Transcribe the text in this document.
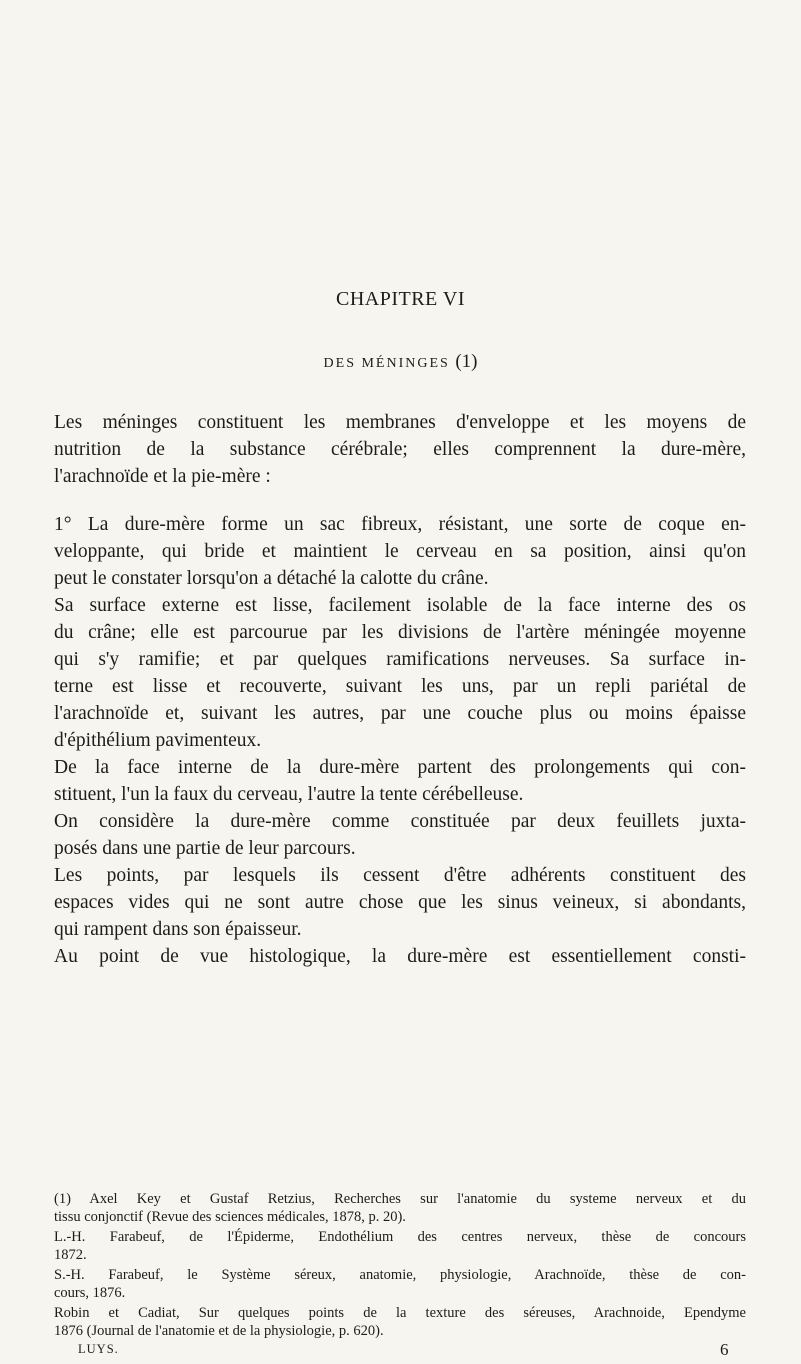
CHAPITRE VI
DES MÉNINGES (1)
Les méninges constituent les membranes d'enveloppe et les moyens de
nutrition de la substance cérébrale; elles comprennent la dure-mère,
l'arachnoïde et la pie-mère :
1° La dure-mère forme un sac fibreux, résistant, une sorte de coque en-
veloppante, qui bride et maintient le cerveau en sa position, ainsi qu'on
peut le constater lorsqu'on a détaché la calotte du crâne.
Sa surface externe est lisse, facilement isolable de la face interne des os
du crâne; elle est parcourue par les divisions de l'artère méningée moyenne
qui s'y ramifie; et par quelques ramifications nerveuses. Sa surface in-
terne est lisse et recouverte, suivant les uns, par un repli pariétal de
l'arachnoïde et, suivant les autres, par une couche plus ou moins épaisse
d'épithélium pavimenteux.
De la face interne de la dure-mère partent des prolongements qui con-
stituent, l'un la faux du cerveau, l'autre la tente cérébelleuse.
On considère la dure-mère comme constituée par deux feuillets juxta-
posés dans une partie de leur parcours.
Les points, par lesquels ils cessent d'être adhérents constituent des
espaces vides qui ne sont autre chose que les sinus veineux, si abondants,
qui rampent dans son épaisseur.
Au point de vue histologique, la dure-mère est essentiellement consti-
(1) Axel Key et Gustaf Retzius, Recherches sur l'anatomie du systeme nerveux et du
tissu conjonctif (Revue des sciences médicales, 1878, p. 20).
L.-H. Farabeuf, de l'Épiderme, Endothélium des centres nerveux, thèse de concours
1872.
S.-H. Farabeuf, le Système séreux, anatomie, physiologie, Arachnoïde, thèse de con-
cours, 1876.
Robin et Cadiat, Sur quelques points de la texture des séreuses, Arachnoide, Ependyme
1876 (Journal de l'anatomie et de la physiologie, p. 620).
LUYS.	6
